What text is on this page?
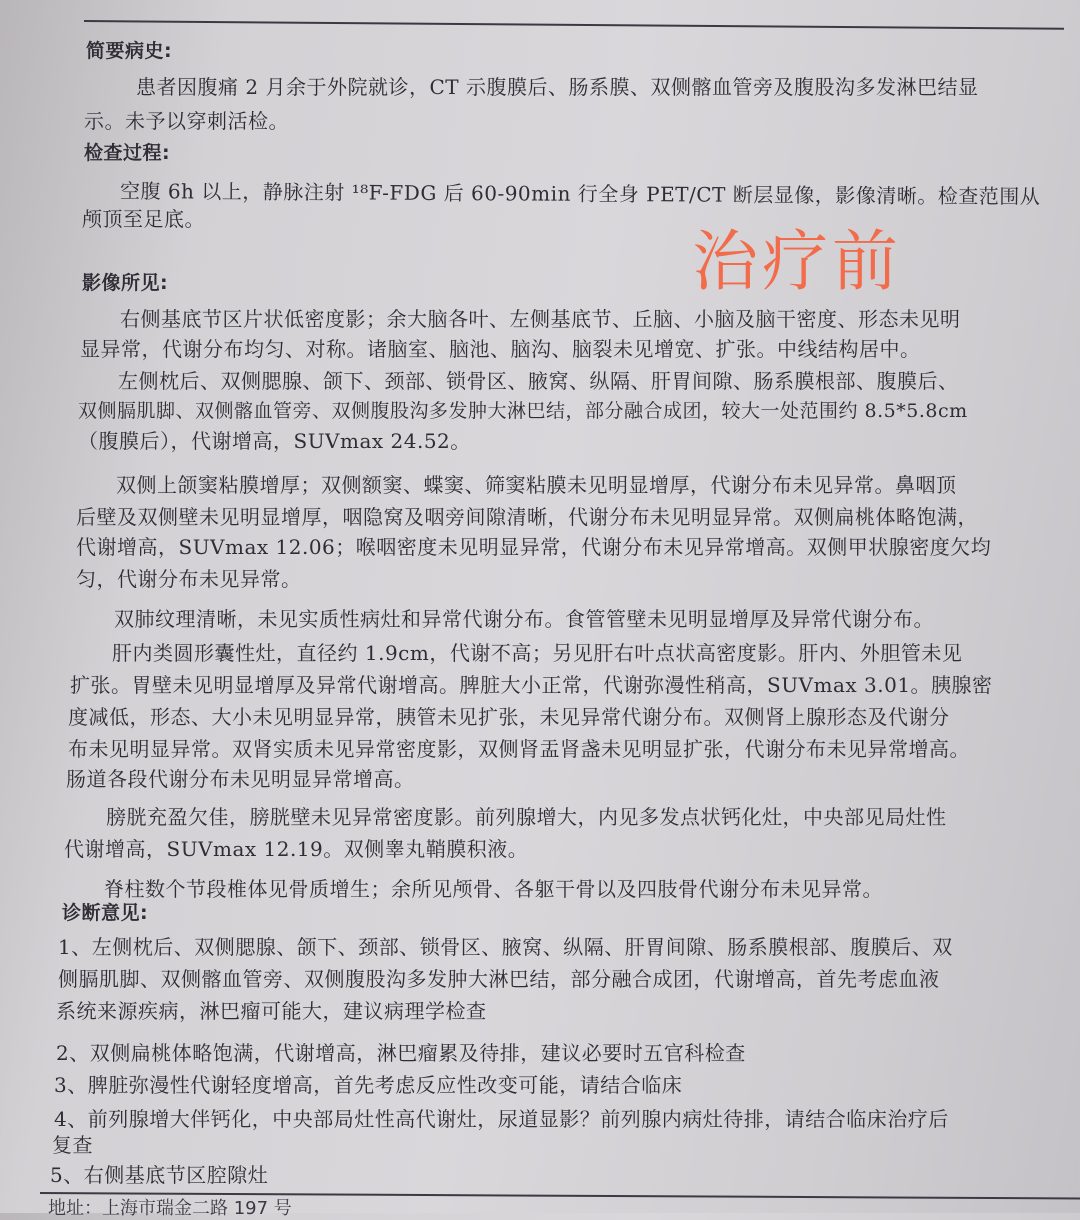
简要病史:
患者因腹痛 2 月余于外院就诊，CT 示腹膜后、肠系膜、双侧髂血管旁及腹股沟多发淋巴结显
示。未予以穿刺活检。
检查过程:
空腹 6h 以上，静脉注射 ¹⁸F-FDG 后 60-90min 行全身 PET/CT 断层显像，影像清晰。检查范围从
颅顶至足底。
治疗前
影像所见:
右侧基底节区片状低密度影；余大脑各叶、左侧基底节、丘脑、小脑及脑干密度、形态未见明
显异常，代谢分布均匀、对称。诸脑室、脑池、脑沟、脑裂未见增宽、扩张。中线结构居中。
左侧枕后、双侧腮腺、颌下、颈部、锁骨区、腋窝、纵隔、肝胃间隙、肠系膜根部、腹膜后、
双侧膈肌脚、双侧髂血管旁、双侧腹股沟多发肿大淋巴结，部分融合成团，较大一处范围约 8.5*5.8cm
（腹膜后），代谢增高，SUVmax 24.52。
双侧上颌窦粘膜增厚；双侧额窦、蝶窦、筛窦粘膜未见明显增厚，代谢分布未见异常。鼻咽顶
后壁及双侧壁未见明显增厚，咽隐窝及咽旁间隙清晰，代谢分布未见明显异常。双侧扁桃体略饱满，
代谢增高，SUVmax 12.06；喉咽密度未见明显异常，代谢分布未见异常增高。双侧甲状腺密度欠均
匀，代谢分布未见异常。
双肺纹理清晰，未见实质性病灶和异常代谢分布。食管管壁未见明显增厚及异常代谢分布。
肝内类圆形囊性灶，直径约 1.9cm，代谢不高；另见肝右叶点状高密度影。肝内、外胆管未见
扩张。胃壁未见明显增厚及异常代谢增高。脾脏大小正常，代谢弥漫性稍高，SUVmax 3.01。胰腺密
度减低，形态、大小未见明显异常，胰管未见扩张，未见异常代谢分布。双侧肾上腺形态及代谢分
布未见明显异常。双肾实质未见异常密度影，双侧肾盂肾盏未见明显扩张，代谢分布未见异常增高。
肠道各段代谢分布未见明显异常增高。
膀胱充盈欠佳，膀胱壁未见异常密度影。前列腺增大，内见多发点状钙化灶，中央部见局灶性
代谢增高，SUVmax 12.19。双侧睾丸鞘膜积液。
脊柱数个节段椎体见骨质增生；余所见颅骨、各躯干骨以及四肢骨代谢分布未见异常。
诊断意见:
1、左侧枕后、双侧腮腺、颌下、颈部、锁骨区、腋窝、纵隔、肝胃间隙、肠系膜根部、腹膜后、双
侧膈肌脚、双侧髂血管旁、双侧腹股沟多发肿大淋巴结，部分融合成团，代谢增高，首先考虑血液
系统来源疾病，淋巴瘤可能大，建议病理学检查
2、双侧扁桃体略饱满，代谢增高，淋巴瘤累及待排，建议必要时五官科检查
3、脾脏弥漫性代谢轻度增高，首先考虑反应性改变可能，请结合临床
4、前列腺增大伴钙化，中央部局灶性高代谢灶，尿道显影？前列腺内病灶待排，请结合临床治疗后
复查
5、右侧基底节区腔隙灶
地址：上海市瑞金二路 197 号
